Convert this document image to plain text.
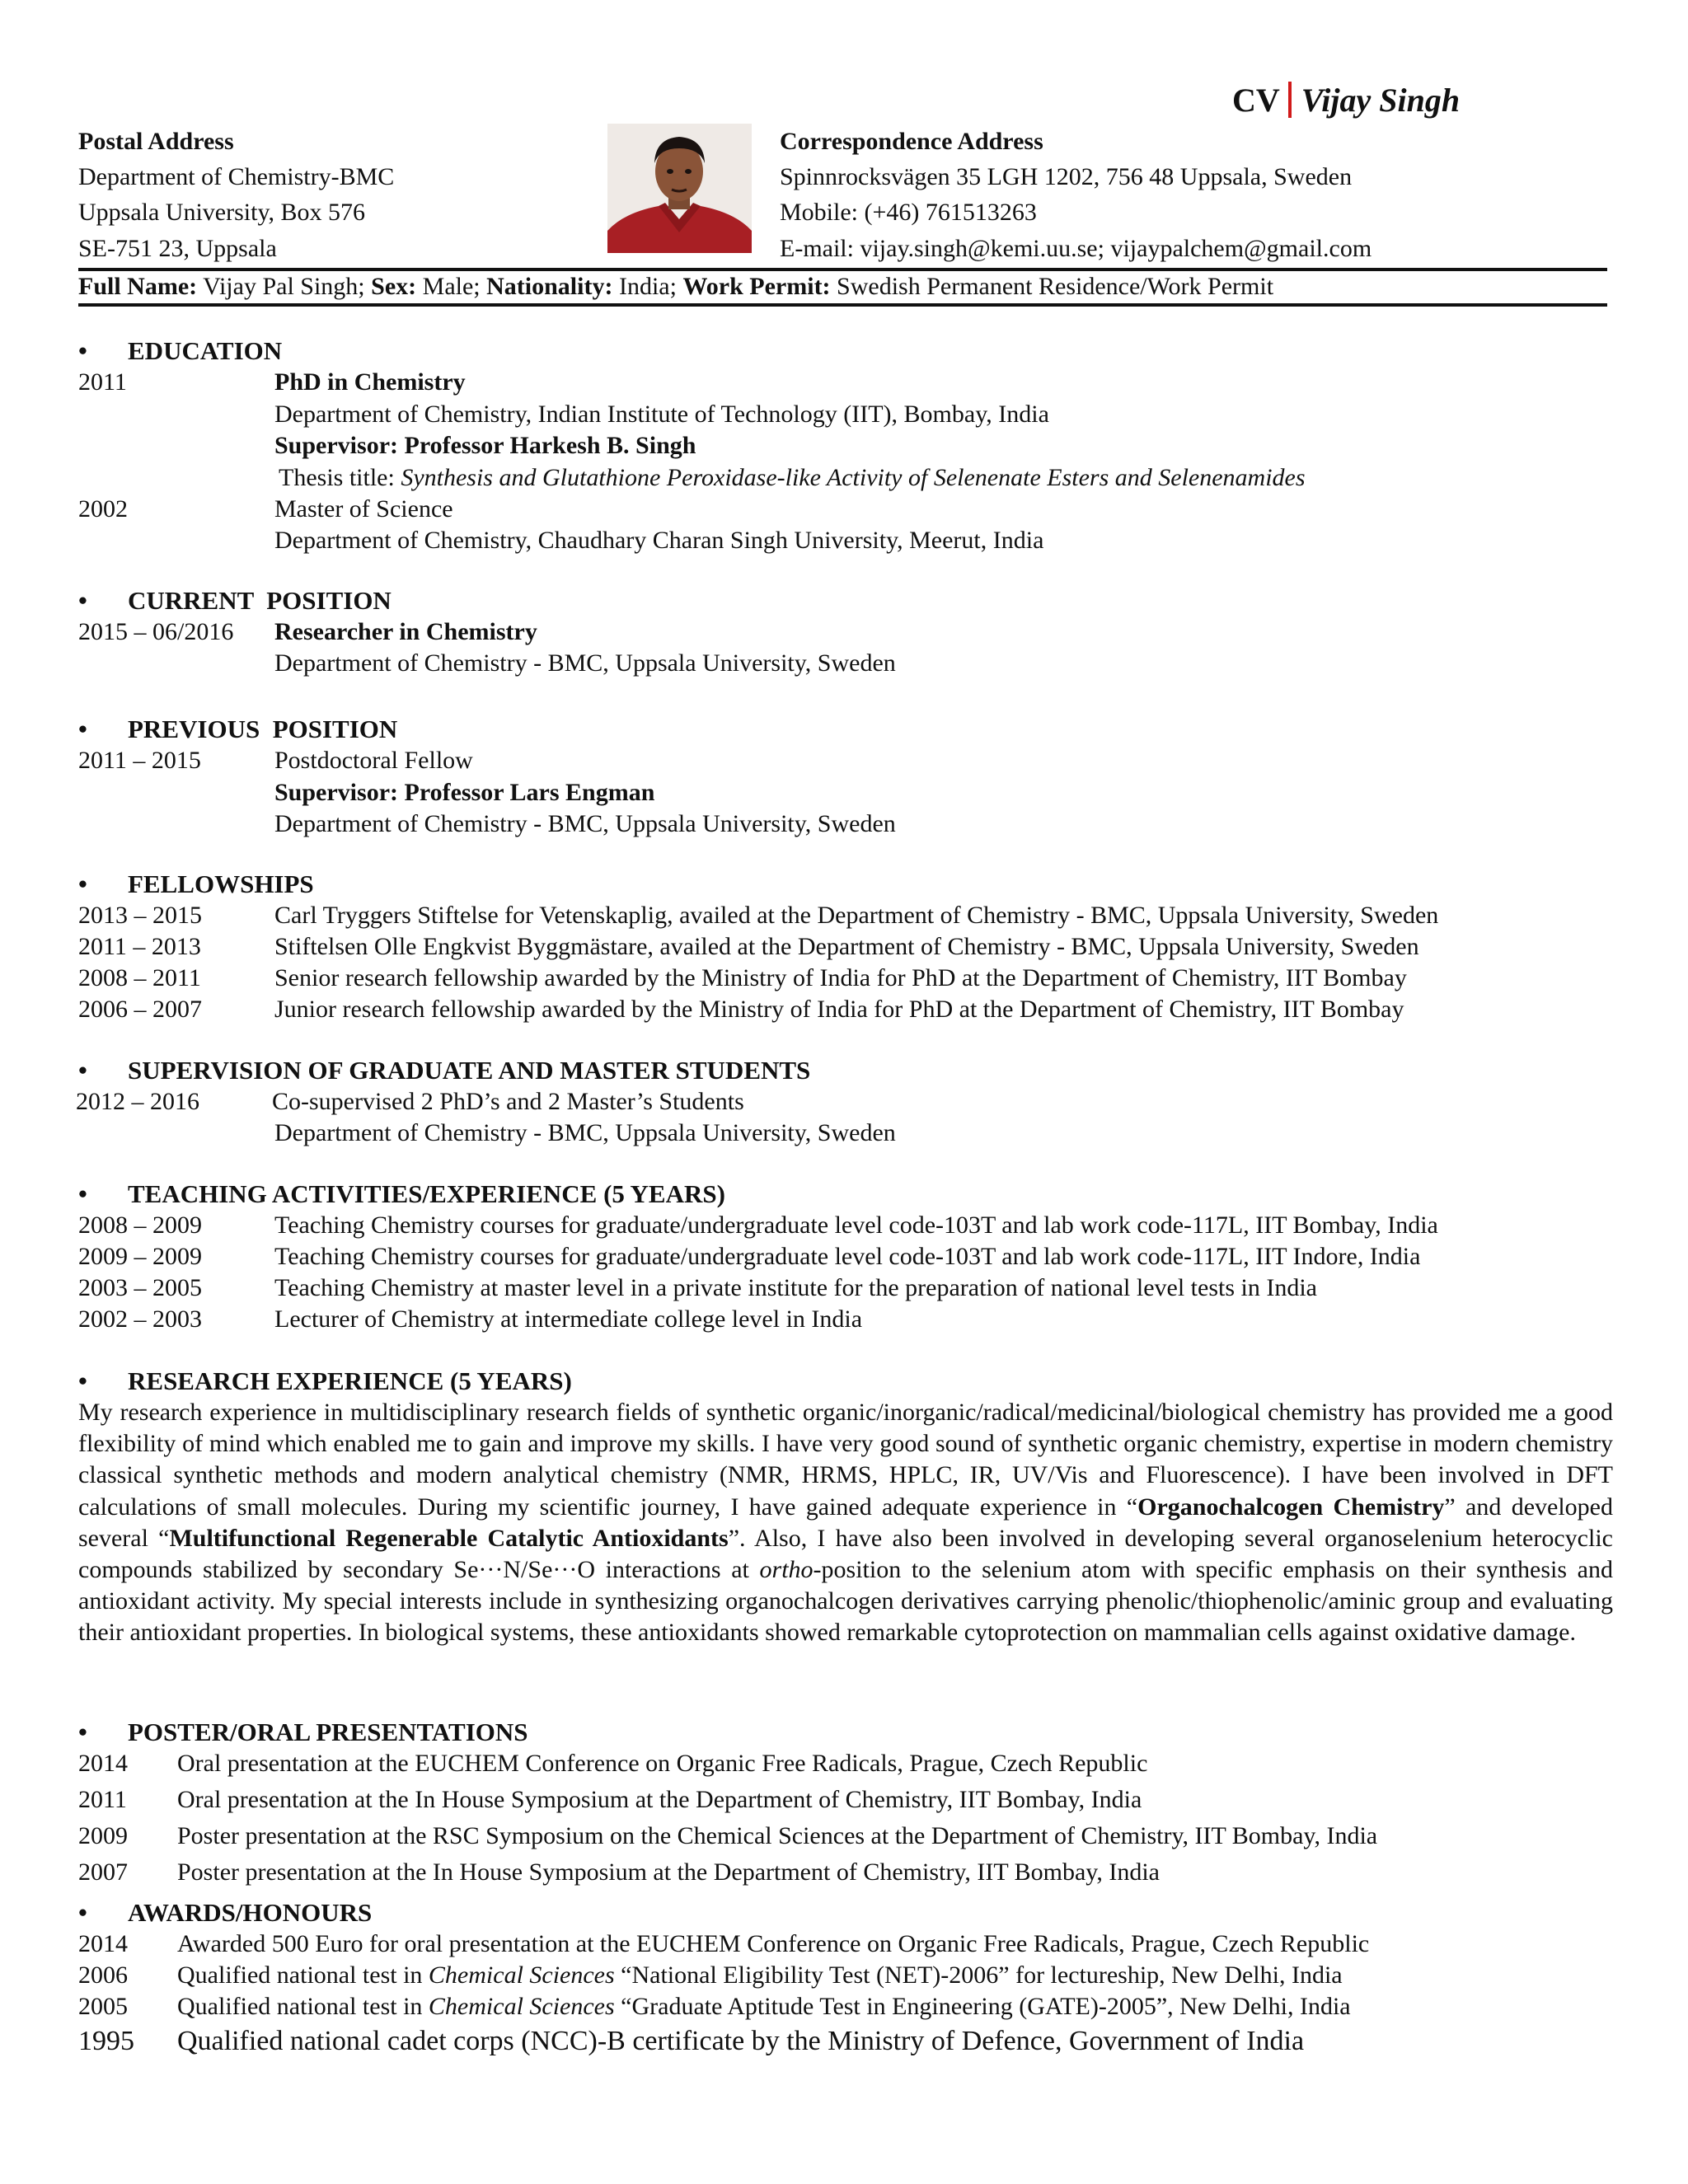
CV Vijay Singh
Postal Address
Department of Chemistry-BMC
Uppsala University, Box 576
SE-751 23, Uppsala
Correspondence Address
Spinnrocksvägen 35 LGH 1202, 756 48 Uppsala, Sweden
Mobile: (+46) 761513263
E-mail: vijay.singh@kemi.uu.se; vijaypalchem@gmail.com
Full Name: Vijay Pal Singh; Sex: Male; Nationality: India; Work Permit: Swedish Permanent Residence/Work Permit
• EDUCATION
2011	PhD in Chemistry
Department of Chemistry, Indian Institute of Technology (IIT), Bombay, India
Supervisor: Professor Harkesh B. Singh
Thesis title: Synthesis and Glutathione Peroxidase-like Activity of Selenenate Esters and Selenenamides
2002	Master of Science
Department of Chemistry, Chaudhary Charan Singh University, Meerut, India
• CURRENT  POSITION
2015 – 06/2016 Researcher in Chemistry
Department of Chemistry - BMC, Uppsala University, Sweden
• PREVIOUS  POSITION
2011 – 2015	Postdoctoral Fellow
Supervisor: Professor Lars Engman
Department of Chemistry - BMC, Uppsala University, Sweden
• FELLOWSHIPS
2013 – 2015	Carl Tryggers Stiftelse for Vetenskaplig, availed at the Department of Chemistry - BMC, Uppsala University, Sweden
2011 – 2013	Stiftelsen Olle Engkvist Byggmästare, availed at the Department of Chemistry - BMC, Uppsala University, Sweden
2008 – 2011	Senior research fellowship awarded by the Ministry of India for PhD at the Department of Chemistry, IIT Bombay
2006 – 2007	Junior research fellowship awarded by the Ministry of India for PhD at the Department of Chemistry, IIT Bombay
• SUPERVISION OF GRADUATE AND MASTER STUDENTS
2012 – 2016	Co-supervised 2 PhD’s and 2 Master’s Students
Department of Chemistry - BMC, Uppsala University, Sweden
• TEACHING ACTIVITIES/EXPERIENCE (5 YEARS)
2008 – 2009	Teaching Chemistry courses for graduate/undergraduate level code-103T and lab work code-117L, IIT Bombay, India
2009 – 2009	Teaching Chemistry courses for graduate/undergraduate level code-103T and lab work code-117L, IIT Indore, India
2003 – 2005	Teaching Chemistry at master level in a private institute for the preparation of national level tests in India
2002 – 2003	Lecturer of Chemistry at intermediate college level in India
• RESEARCH EXPERIENCE (5 YEARS)
My research experience in multidisciplinary research fields of synthetic organic/inorganic/radical/medicinal/biological chemistry has provided me a good flexibility of mind which enabled me to gain and improve my skills. I have very good sound of synthetic organic chemistry, expertise in modern chemistry classical synthetic methods and modern analytical chemistry (NMR, HRMS, HPLC, IR, UV/Vis and Fluorescence). I have been involved in DFT calculations of small molecules. During my scientific journey, I have gained adequate experience in “Organochalcogen Chemistry” and developed several “Multifunctional Regenerable Catalytic Antioxidants”. Also, I have also been involved in developing several organoselenium heterocyclic compounds stabilized by secondary Se···N/Se···O interactions at ortho-position to the selenium atom with specific emphasis on their synthesis and antioxidant activity. My special interests include in synthesizing organochalcogen derivatives carrying phenolic/thiophenolic/aminic group and evaluating their antioxidant properties. In biological systems, these antioxidants showed remarkable cytoprotection on mammalian cells against oxidative damage.
• POSTER/ORAL PRESENTATIONS
2014 Oral presentation at the EUCHEM Conference on Organic Free Radicals, Prague, Czech Republic
2011 Oral presentation at the In House Symposium at the Department of Chemistry, IIT Bombay, India
2009 Poster presentation at the RSC Symposium on the Chemical Sciences at the Department of Chemistry, IIT Bombay, India
2007 Poster presentation at the In House Symposium at the Department of Chemistry, IIT Bombay, India
• AWARDS/HONOURS
2014 Awarded 500 Euro for oral presentation at the EUCHEM Conference on Organic Free Radicals, Prague, Czech Republic
2006 Qualified national test in Chemical Sciences “National Eligibility Test (NET)-2006” for lectureship, New Delhi, India
2005 Qualified national test in Chemical Sciences “Graduate Aptitude Test in Engineering (GATE)-2005”, New Delhi, India
1995 Qualified national cadet corps (NCC)-B certificate by the Ministry of Defence, Government of India
